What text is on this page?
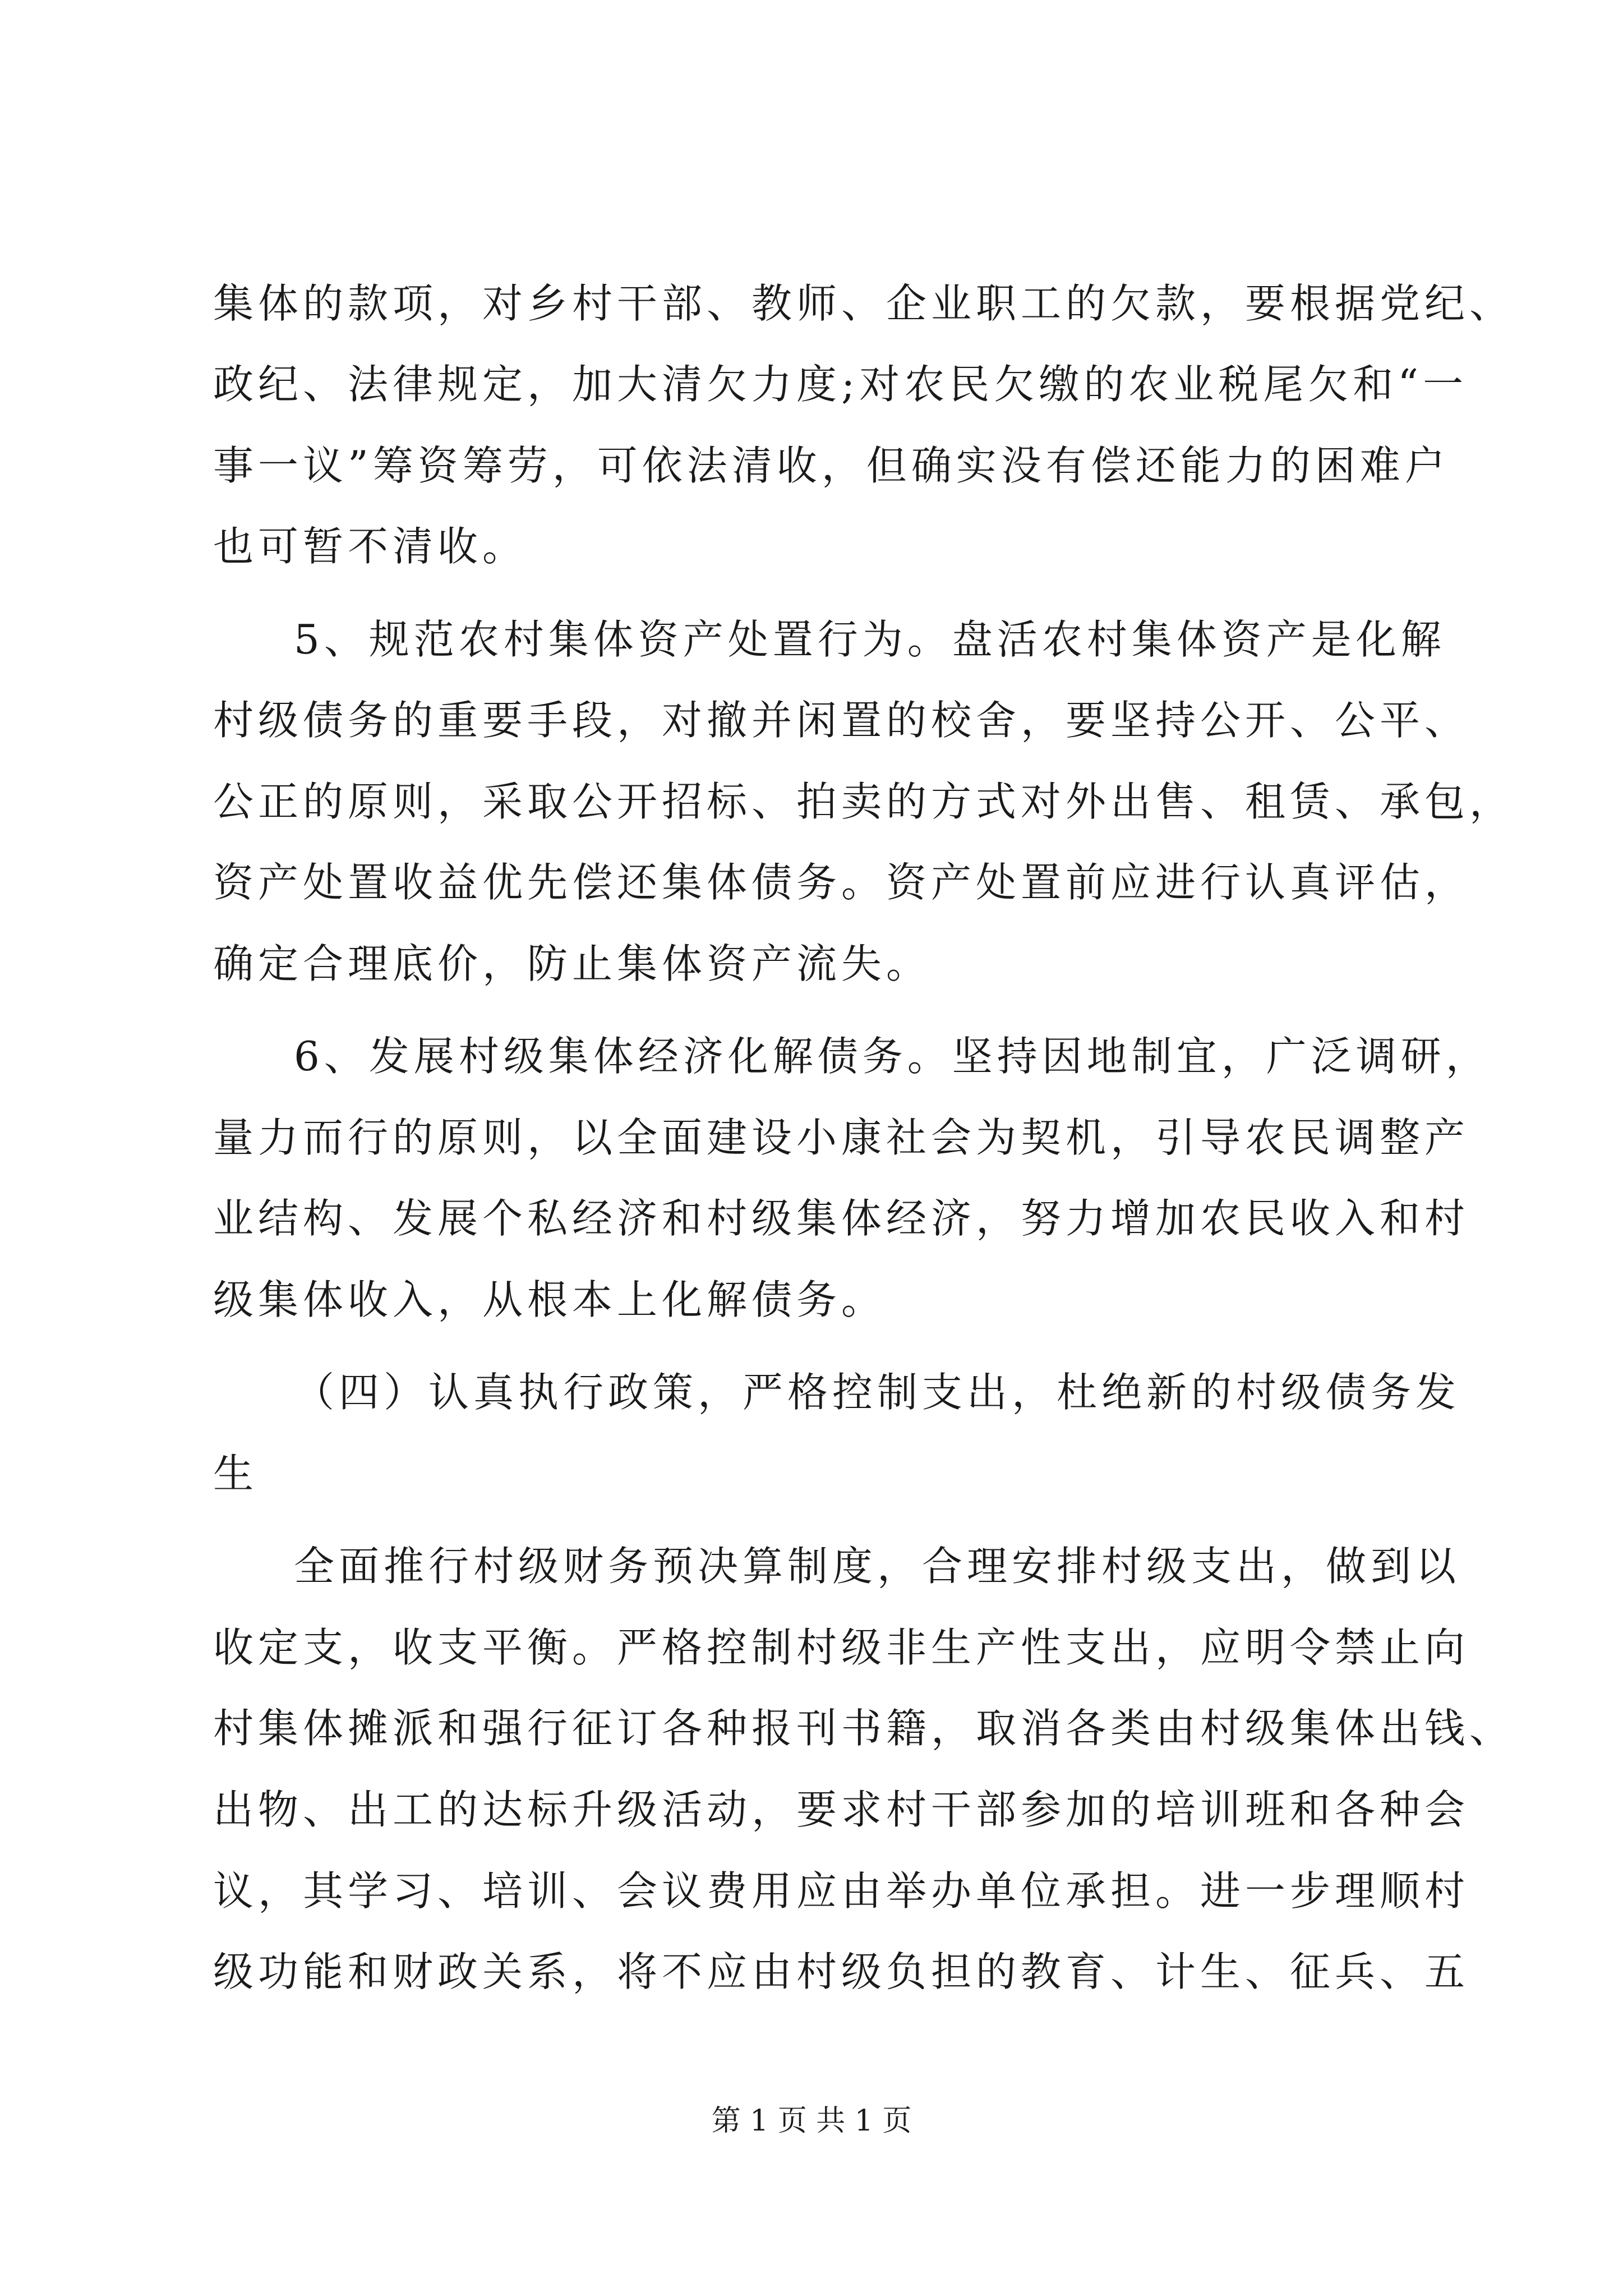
集体的款项，对乡村干部、教师、企业职工的欠款，要根据党纪、
政纪、法律规定，加大清欠力度;对农民欠缴的农业税尾欠和“一
事一议”筹资筹劳，可依法清收，但确实没有偿还能力的困难户
也可暂不清收。
5、规范农村集体资产处置行为。盘活农村集体资产是化解
村级债务的重要手段，对撤并闲置的校舍，要坚持公开、公平、
公正的原则，采取公开招标、拍卖的方式对外出售、租赁、承包，
资产处置收益优先偿还集体债务。资产处置前应进行认真评估，
确定合理底价，防止集体资产流失。
6、发展村级集体经济化解债务。坚持因地制宜，广泛调研，
量力而行的原则，以全面建设小康社会为契机，引导农民调整产
业结构、发展个私经济和村级集体经济，努力增加农民收入和村
级集体收入，从根本上化解债务。
（四）认真执行政策，严格控制支出，杜绝新的村级债务发
生
全面推行村级财务预决算制度，合理安排村级支出，做到以
收定支，收支平衡。严格控制村级非生产性支出，应明令禁止向
村集体摊派和强行征订各种报刊书籍，取消各类由村级集体出钱、
出物、出工的达标升级活动，要求村干部参加的培训班和各种会
议，其学习、培训、会议费用应由举办单位承担。进一步理顺村
级功能和财政关系，将不应由村级负担的教育、计生、征兵、五
第 1 页 共 1 页
